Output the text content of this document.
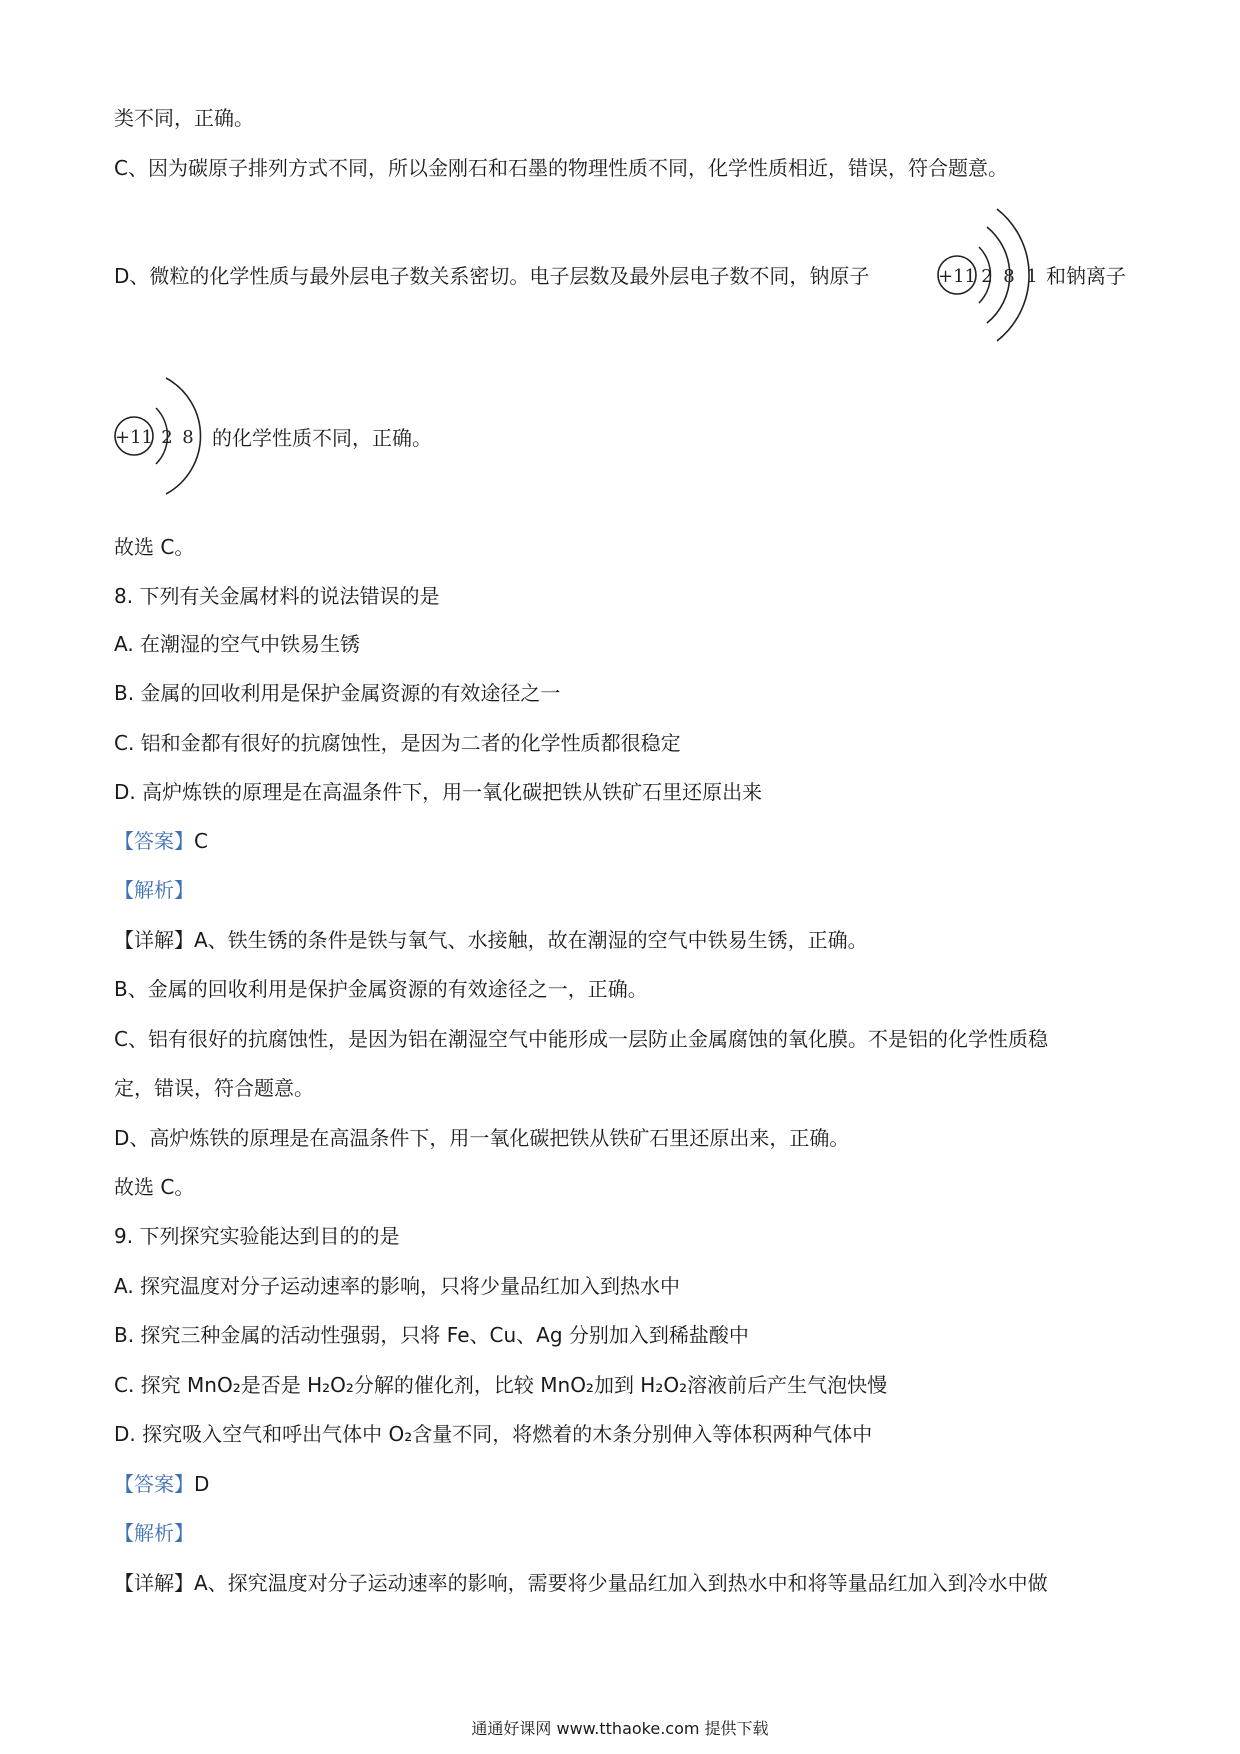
类不同，正确。
C、因为碳原子排列方式不同，所以金刚石和石墨的物理性质不同，化学性质相近，错误，符合题意。
D、微粒的化学性质与最外层电子数关系密切。电子层数及最外层电子数不同，钠原子	+11 2 8 1 和钠离子
+11 2 8 的化学性质不同，正确。
故选 C。
8. 下列有关金属材料的说法错误的是
A. 在潮湿的空气中铁易生锈
B. 金属的回收利用是保护金属资源的有效途径之一
C. 铝和金都有很好的抗腐蚀性，是因为二者的化学性质都很稳定
D. 高炉炼铁的原理是在高温条件下，用一氧化碳把铁从铁矿石里还原出来
【答案】C
【解析】
【详解】A、铁生锈的条件是铁与氧气、水接触，故在潮湿的空气中铁易生锈，正确。
B、金属的回收利用是保护金属资源的有效途径之一，正确。
C、铝有很好的抗腐蚀性，是因为铝在潮湿空气中能形成一层防止金属腐蚀的氧化膜。不是铝的化学性质稳
定，错误，符合题意。
D、高炉炼铁的原理是在高温条件下，用一氧化碳把铁从铁矿石里还原出来，正确。
故选 C。
9. 下列探究实验能达到目的的是
A. 探究温度对分子运动速率的影响，只将少量品红加入到热水中
B. 探究三种金属的活动性强弱，只将 Fe、Cu、Ag 分别加入到稀盐酸中
C. 探究 MnO₂是否是 H₂O₂分解的催化剂，比较 MnO₂加到 H₂O₂溶液前后产生气泡快慢
D. 探究吸入空气和呼出气体中 O₂含量不同，将燃着的木条分别伸入等体积两种气体中
【答案】D
【解析】
【详解】A、探究温度对分子运动速率的影响，需要将少量品红加入到热水中和将等量品红加入到冷水中做
通通好课网 www.tthaoke.com 提供下载
